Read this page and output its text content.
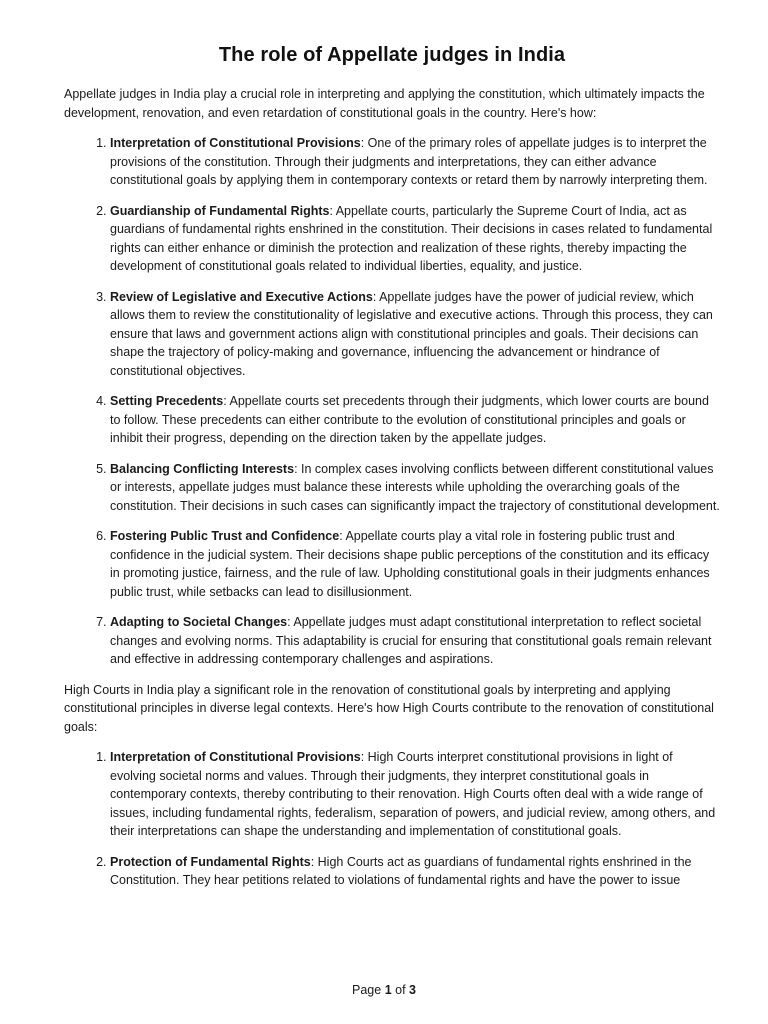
The role of Appellate judges in India

Appellate judges in India play a crucial role in interpreting and applying the constitution, which ultimately impacts the development, renovation, and even retardation of constitutional goals in the country. Here's how:

1. Interpretation of Constitutional Provisions: One of the primary roles of appellate judges is to interpret the provisions of the constitution. Through their judgments and interpretations, they can either advance constitutional goals by applying them in contemporary contexts or retard them by narrowly interpreting them.
2. Guardianship of Fundamental Rights: Appellate courts, particularly the Supreme Court of India, act as guardians of fundamental rights enshrined in the constitution. Their decisions in cases related to fundamental rights can either enhance or diminish the protection and realization of these rights, thereby impacting the development of constitutional goals related to individual liberties, equality, and justice.
3. Review of Legislative and Executive Actions: Appellate judges have the power of judicial review, which allows them to review the constitutionality of legislative and executive actions. Through this process, they can ensure that laws and government actions align with constitutional principles and goals. Their decisions can shape the trajectory of policy-making and governance, influencing the advancement or hindrance of constitutional objectives.
4. Setting Precedents: Appellate courts set precedents through their judgments, which lower courts are bound to follow. These precedents can either contribute to the evolution of constitutional principles and goals or inhibit their progress, depending on the direction taken by the appellate judges.
5. Balancing Conflicting Interests: In complex cases involving conflicts between different constitutional values or interests, appellate judges must balance these interests while upholding the overarching goals of the constitution. Their decisions in such cases can significantly impact the trajectory of constitutional development.
6. Fostering Public Trust and Confidence: Appellate courts play a vital role in fostering public trust and confidence in the judicial system. Their decisions shape public perceptions of the constitution and its efficacy in promoting justice, fairness, and the rule of law. Upholding constitutional goals in their judgments enhances public trust, while setbacks can lead to disillusionment.
7. Adapting to Societal Changes: Appellate judges must adapt constitutional interpretation to reflect societal changes and evolving norms. This adaptability is crucial for ensuring that constitutional goals remain relevant and effective in addressing contemporary challenges and aspirations.

High Courts in India play a significant role in the renovation of constitutional goals by interpreting and applying constitutional principles in diverse legal contexts. Here's how High Courts contribute to the renovation of constitutional goals:

1. Interpretation of Constitutional Provisions: High Courts interpret constitutional provisions in light of evolving societal norms and values. Through their judgments, they interpret constitutional goals in contemporary contexts, thereby contributing to their renovation. High Courts often deal with a wide range of issues, including fundamental rights, federalism, separation of powers, and judicial review, among others, and their interpretations can shape the understanding and implementation of constitutional goals.
2. Protection of Fundamental Rights: High Courts act as guardians of fundamental rights enshrined in the Constitution. They hear petitions related to violations of fundamental rights and have the power to issue
Page 1 of 3
